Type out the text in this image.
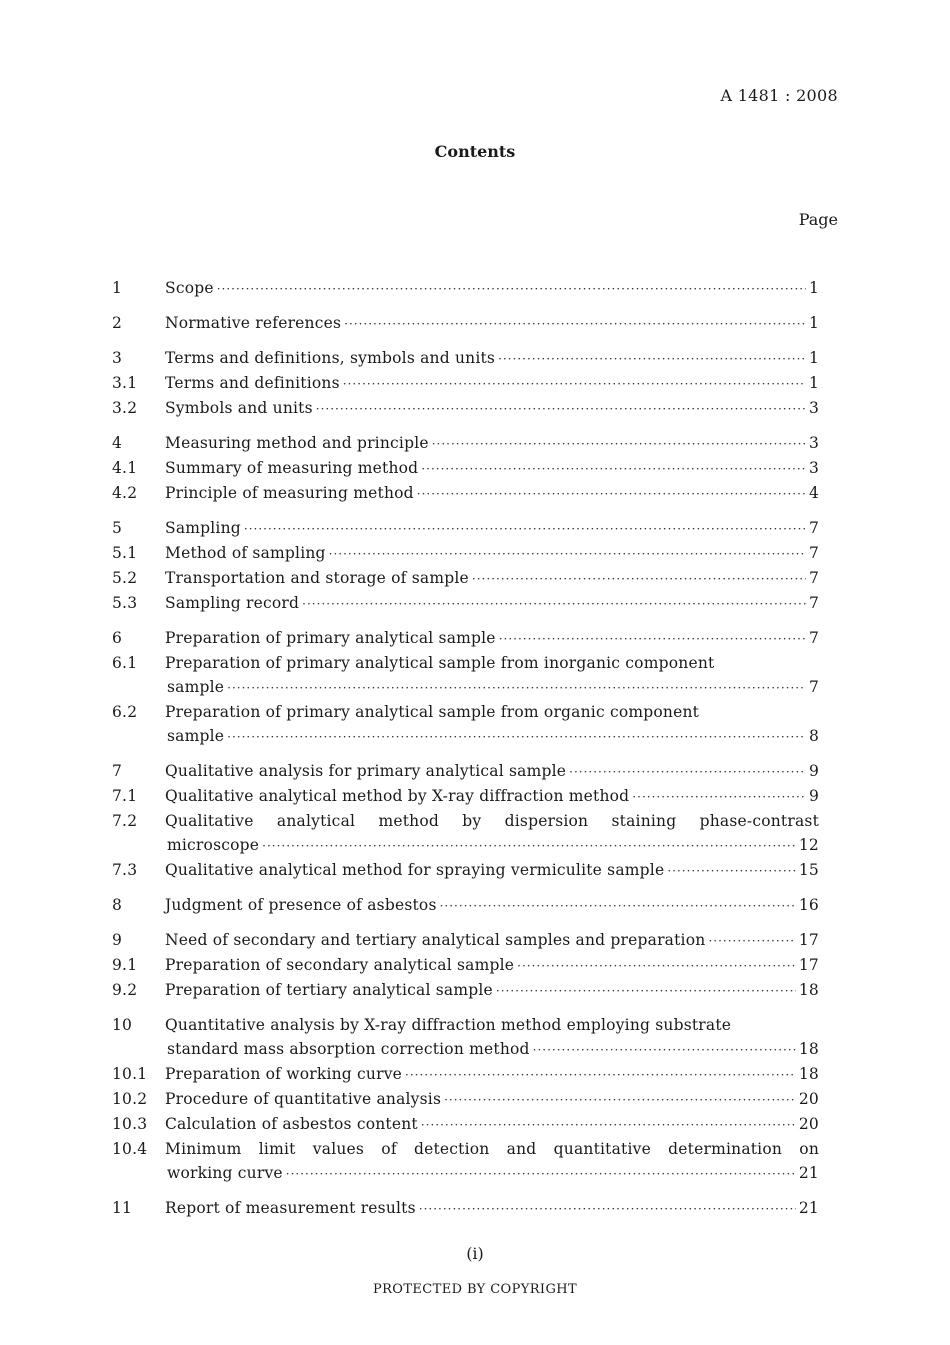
A 1481 : 2008
Contents
Page
1	Scope ·····	1
2	Normative references ·····	1
3	Terms and definitions, symbols and units ·····	1
3.1	Terms and definitions ·····	1
3.2	Symbols and units ·····	3
4	Measuring method and principle ·····	3
4.1	Summary of measuring method ·····	3
4.2	Principle of measuring method ·····	4
5	Sampling ·····	7
5.1	Method of sampling ·····	7
5.2	Transportation and storage of sample ·····	7
5.3	Sampling record ·····	7
6	Preparation of primary analytical sample ·····	7
6.1	Preparation of primary analytical sample from inorganic component
sample ·····	7
6.2	Preparation of primary analytical sample from organic component
sample ·····	8
7	Qualitative analysis for primary analytical sample ·····	9
7.1	Qualitative analytical method by X-ray diffraction method ·····	9
7.2	Qualitative analytical method by dispersion staining phase-contrast
microscope ·····	12
7.3	Qualitative analytical method for spraying vermiculite sample ·····	15
8	Judgment of presence of asbestos ·····	16
9	Need of secondary and tertiary analytical samples and preparation ·····	17
9.1	Preparation of secondary analytical sample ·····	17
9.2	Preparation of tertiary analytical sample ·····	18
10	Quantitative analysis by X-ray diffraction method employing substrate
standard mass absorption correction method ·····	18
10.1	Preparation of working curve ·····	18
10.2	Procedure of quantitative analysis ·····	20
10.3	Calculation of asbestos content ·····	20
10.4	Minimum limit values of detection and quantitative determination on
working curve ·····	21
11	Report of measurement results ·····	21
(i)
PROTECTED BY COPYRIGHT
